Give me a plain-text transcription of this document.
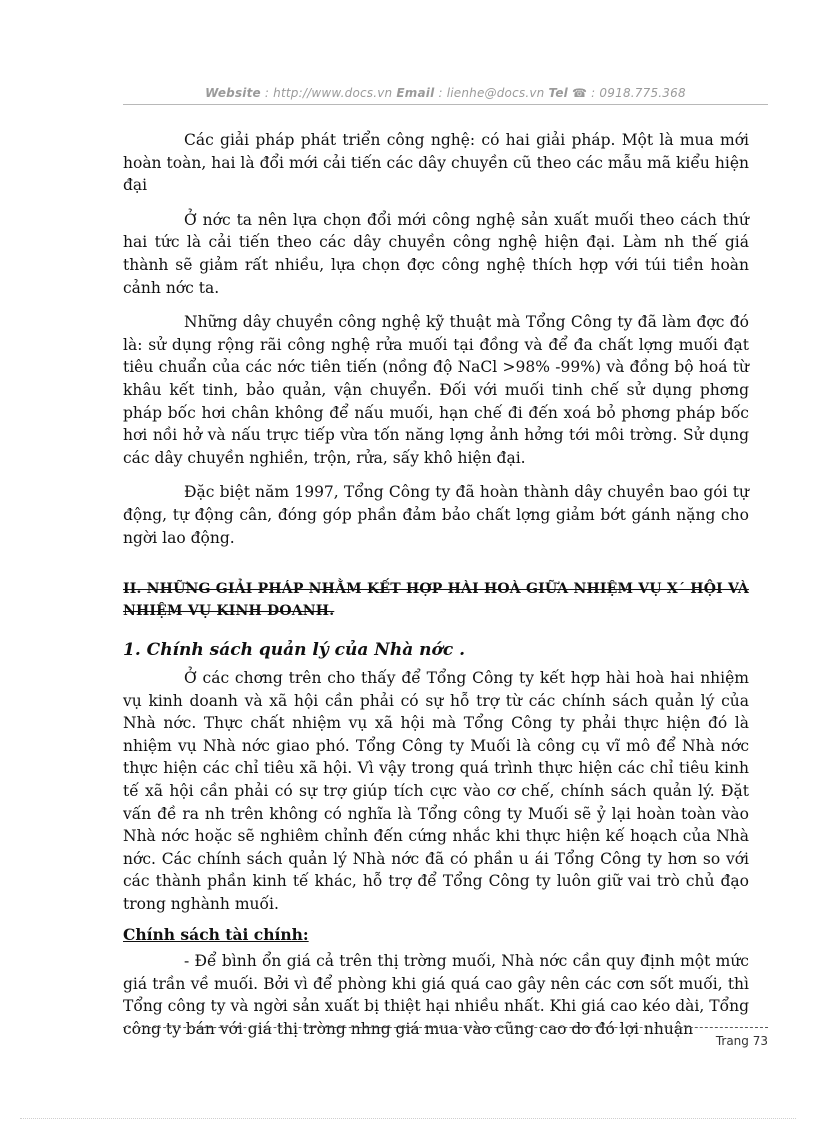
Website : http://www.docs.vn Email : lienhe@docs.vn Tel ☎ : 0918.775.368

Các giải pháp phát triển công nghệ: có hai giải pháp. Một là mua mới hoàn toàn, hai là đổi mới cải tiến các dây chuyền cũ theo các mẫu mã kiểu hiện đại

Ở nớc ta nên lựa chọn đổi mới công nghệ sản xuất muối theo cách thứ hai tức là cải tiến theo các dây chuyền công nghệ hiện đại. Làm nh thế giá thành sẽ giảm rất nhiều, lựa chọn đợc công nghệ thích hợp với túi tiền hoàn cảnh nớc ta.

Những dây chuyền công nghệ kỹ thuật mà Tổng Công ty đã làm đợc đó là: sử dụng rộng rãi công nghệ rửa muối tại đồng và để đa chất lợng muối đạt tiêu chuẩn của các nớc tiên tiến (nồng độ NaCl >98% -99%) và đồng bộ hoá từ khâu kết tinh, bảo quản, vận chuyển. Đối với muối tinh chế sử dụng phơng pháp bốc hơi chân không để nấu muối, hạn chế đi đến xoá bỏ phơng pháp bốc hơi nồi hở và nấu trực tiếp vừa tốn năng lợng ảnh hởng tới môi trờng. Sử dụng các dây chuyền nghiền, trộn, rửa, sấy khô hiện đại.

Đặc biệt năm 1997, Tổng Công ty đã hoàn thành dây chuyền bao gói tự động, tự động cân, đóng góp phần đảm bảo chất lợng giảm bớt gánh nặng cho ngời lao động.

II. NHỮNG GIẢI PHÁP NHẰM KẾT HỢP HÀI HOÀ GIỮA NHIỆM VỤ X´ HỘI VÀ NHIỆM VỤ KINH DOANH.

1. Chính sách quản lý của Nhà nớc .

Ở các chơng trên cho thấy để Tổng Công ty kết hợp hài hoà hai nhiệm vụ kinh doanh và xã hội cần phải có sự hỗ trợ từ các chính sách quản lý của Nhà nớc. Thực chất nhiệm vụ xã hội mà Tổng Công ty phải thực hiện đó là nhiệm vụ Nhà nớc giao phó. Tổng Công ty Muối là công cụ vĩ mô để Nhà nớc thực hiện các chỉ tiêu xã hội. Vì vậy trong quá trình thực hiện các chỉ tiêu kinh tế xã hội cần phải có sự trợ giúp tích cực vào cơ chế, chính sách quản lý. Đặt vấn đề ra nh trên không có nghĩa là Tổng công ty Muối sẽ ỷ lại hoàn toàn vào Nhà nớc hoặc sẽ nghiêm chỉnh đến cứng nhắc khi thực hiện kế hoạch của Nhà nớc. Các chính sách quản lý Nhà nớc đã có phần u ái Tổng Công ty hơn so với các thành phần kinh tế khác, hỗ trợ để Tổng Công ty luôn giữ vai trò chủ đạo trong nghành muối.

Chính sách tài chính:

- Để bình ổn giá cả trên thị trờng muối, Nhà nớc cần quy định một mức giá trần về muối. Bởi vì để phòng khi giá quá cao gây nên các cơn sốt muối, thì Tổng công ty và ngời sản xuất bị thiệt hại nhiều nhất. Khi giá cao kéo dài, Tổng công ty bán với giá thị trờng nhng giá mua vào cũng cao do đó lợi nhuận

Trang 73
